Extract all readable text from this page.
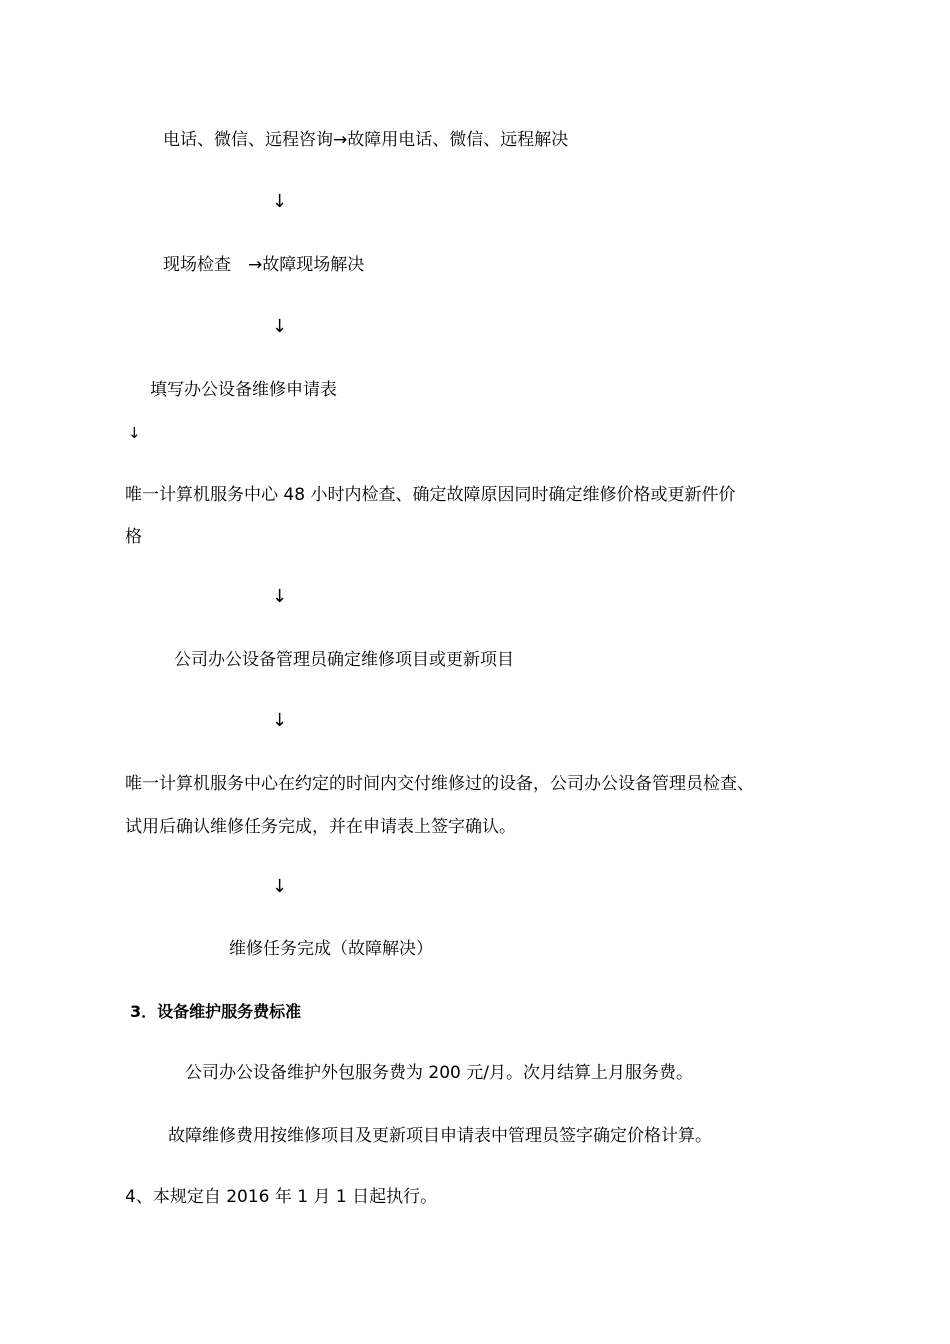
电话、微信、远程咨询→故障用电话、微信、远程解决
↓
现场检查　→故障现场解决
↓
填写办公设备维修申请表
↓
唯一计算机服务中心 48 小时内检查、确定故障原因同时确定维修价格或更新件价
格
↓
公司办公设备管理员确定维修项目或更新项目
↓
唯一计算机服务中心在约定的时间内交付维修过的设备，公司办公设备管理员检查、
试用后确认维修任务完成，并在申请表上签字确认。
↓
维修任务完成（故障解决）
3．设备维护服务费标准
公司办公设备维护外包服务费为 200 元/月。次月结算上月服务费。
故障维修费用按维修项目及更新项目申请表中管理员签字确定价格计算。
4、本规定自 2016 年 1 月 1 日起执行。
